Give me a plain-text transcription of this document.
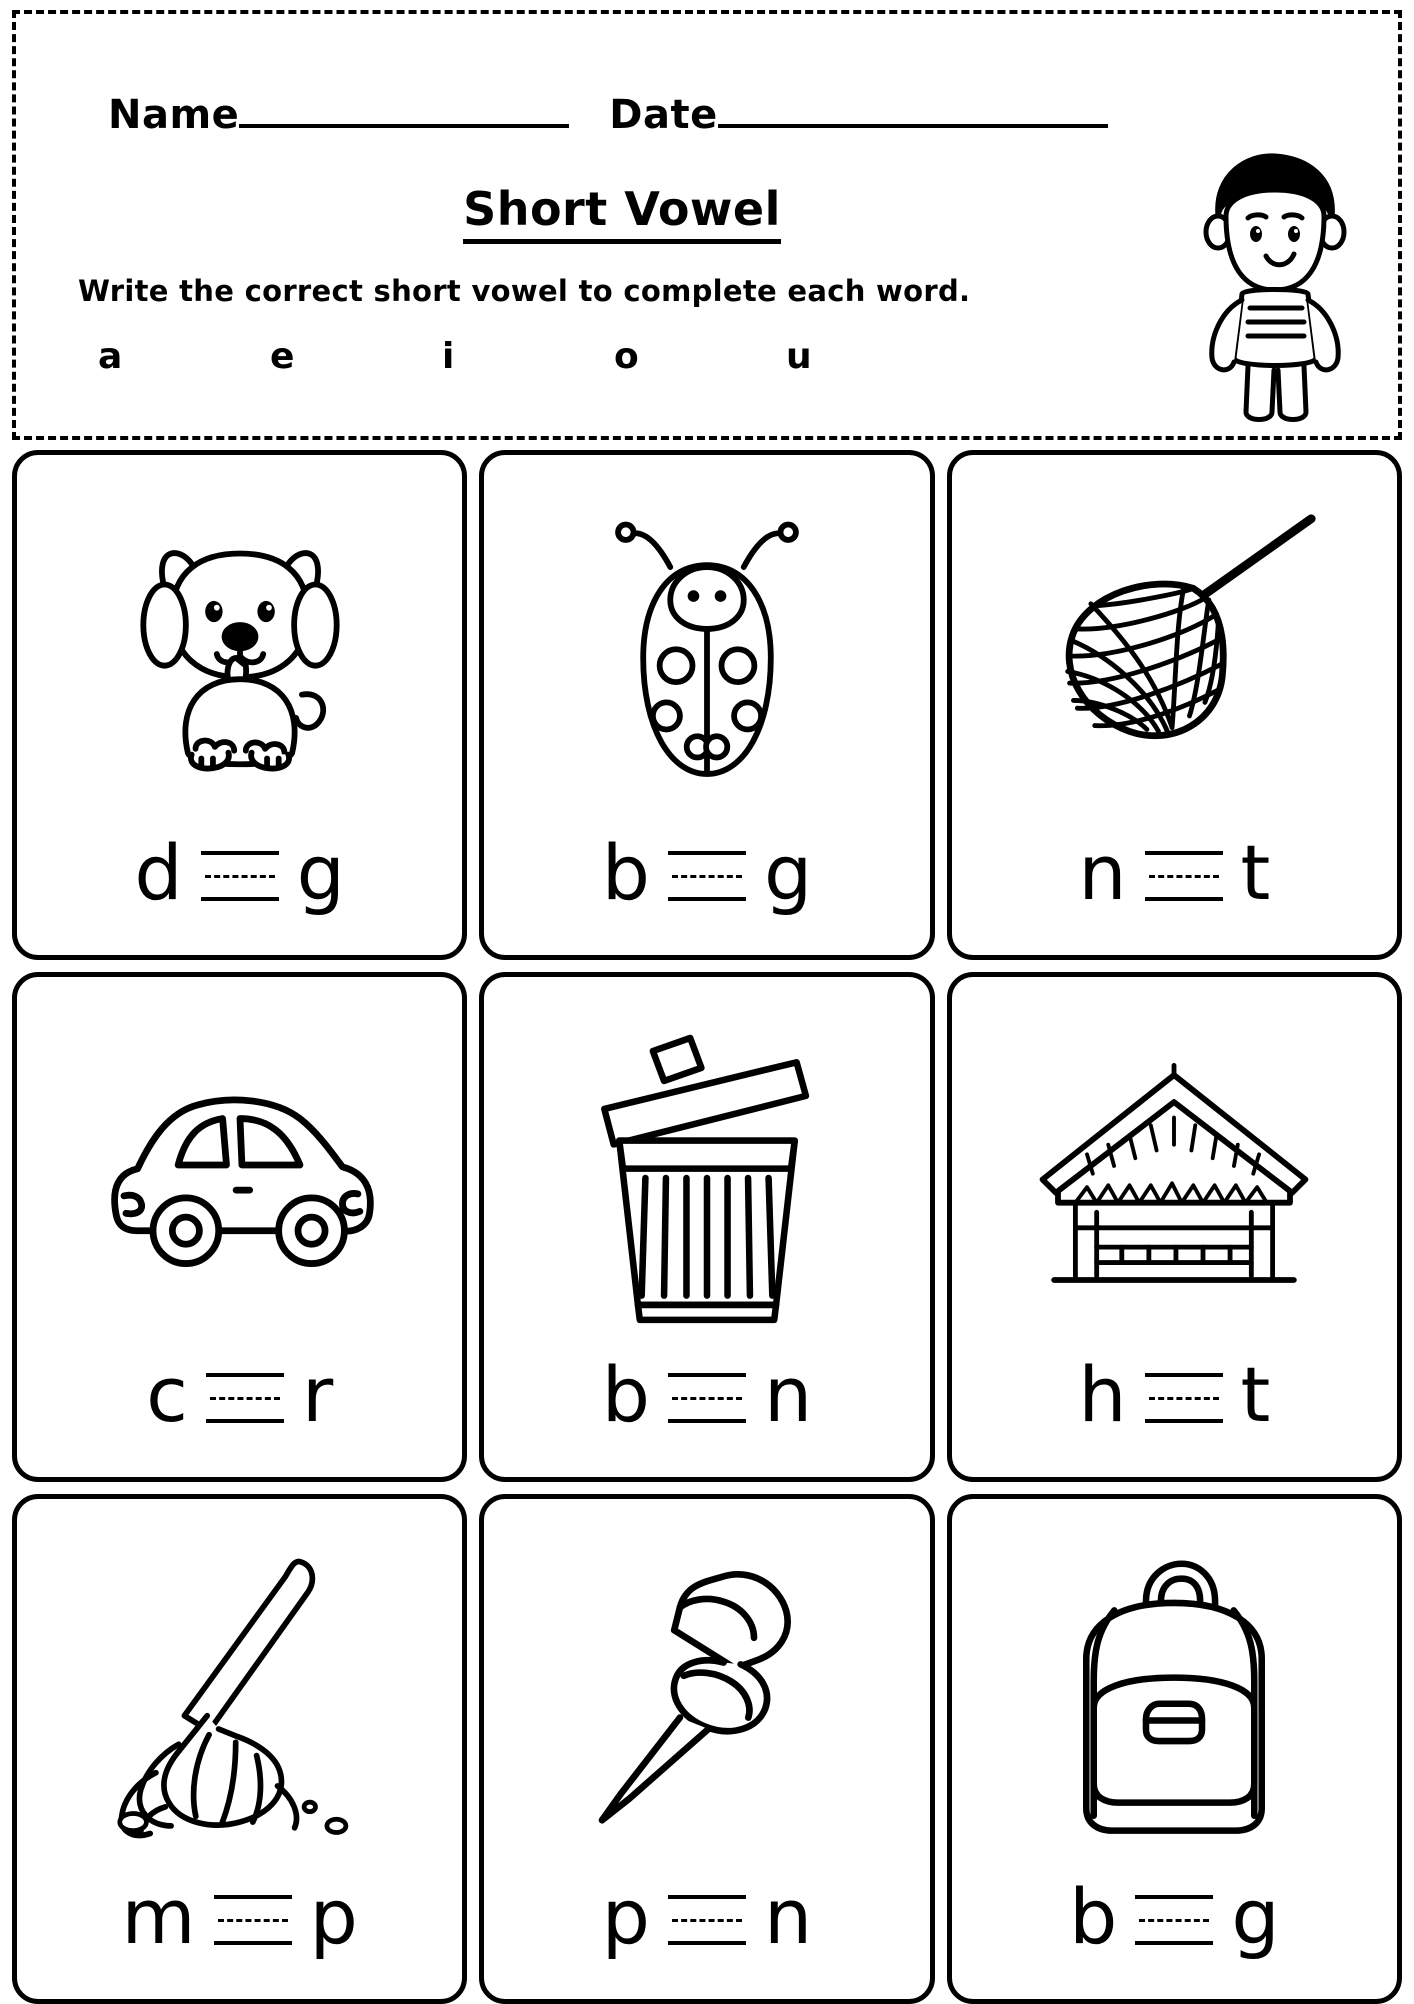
Name	Date
Short Vowel
Write the correct short vowel to complete each word.
a	e	i	o	u
d g	b g	n t
c r	b n	h t
m p	p n	b g
